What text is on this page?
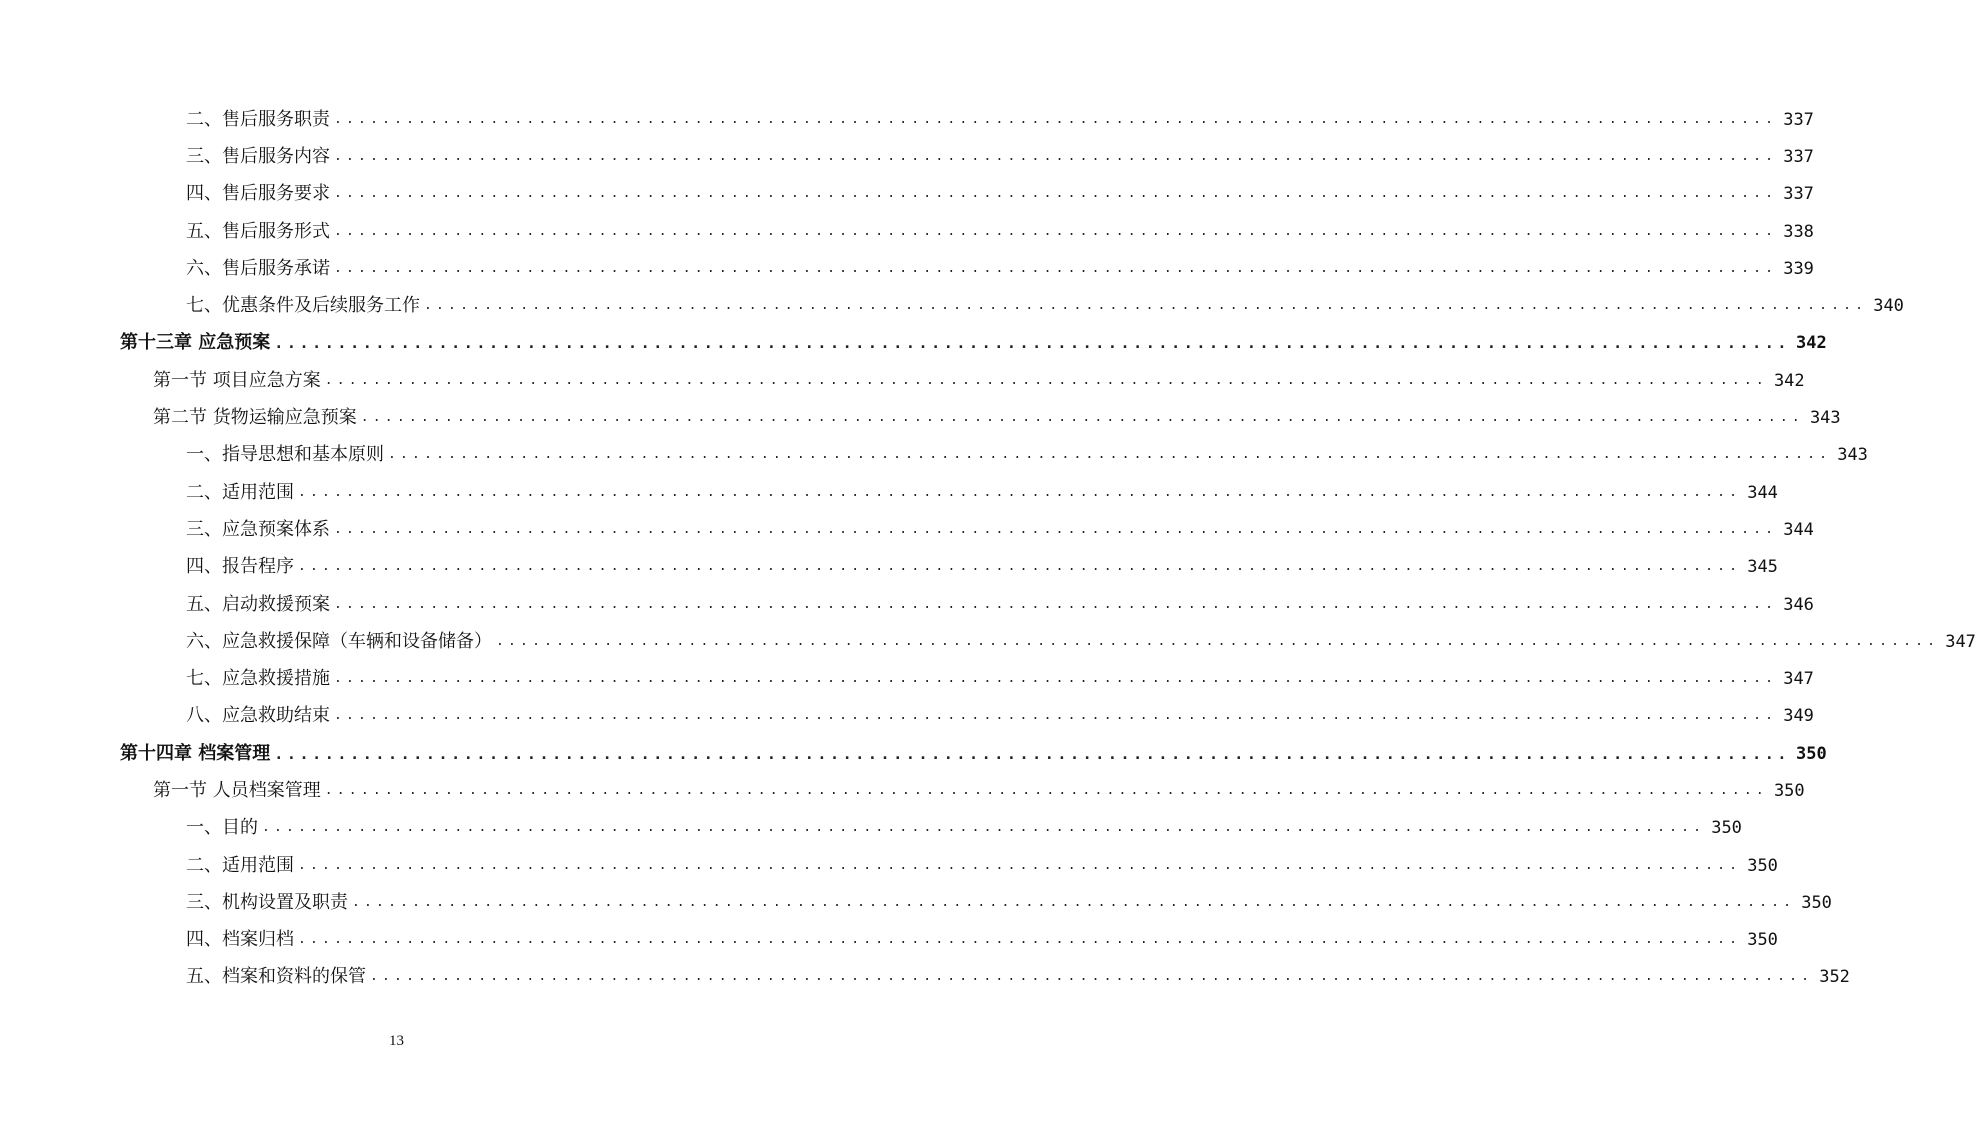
二、售后服务职责 ........................................................................................................................ 337
三、售后服务内容 ........................................................................................................................ 337
四、售后服务要求 ........................................................................................................................ 337
五、售后服务形式 ........................................................................................................................ 338
六、售后服务承诺 ........................................................................................................................ 339
七、优惠条件及后续服务工作 ........................................................................................................................ 340
第十三章 应急预案 ........................................................................................................................ 342
第一节 项目应急方案 ........................................................................................................................ 342
第二节 货物运输应急预案 ........................................................................................................................ 343
一、指导思想和基本原则 ........................................................................................................................ 343
二、适用范围 ........................................................................................................................ 344
三、应急预案体系 ........................................................................................................................ 344
四、报告程序 ........................................................................................................................ 345
五、启动救援预案 ........................................................................................................................ 346
六、应急救援保障（车辆和设备储备） ........................................................................................................................ 347
七、应急救援措施 ........................................................................................................................ 347
八、应急救助结束 ........................................................................................................................ 349
第十四章 档案管理 ........................................................................................................................ 350
第一节 人员档案管理 ........................................................................................................................ 350
一、目的 ........................................................................................................................ 350
二、适用范围 ........................................................................................................................ 350
三、机构设置及职责 ........................................................................................................................ 350
四、档案归档 ........................................................................................................................ 350
五、档案和资料的保管 ........................................................................................................................ 352
13
